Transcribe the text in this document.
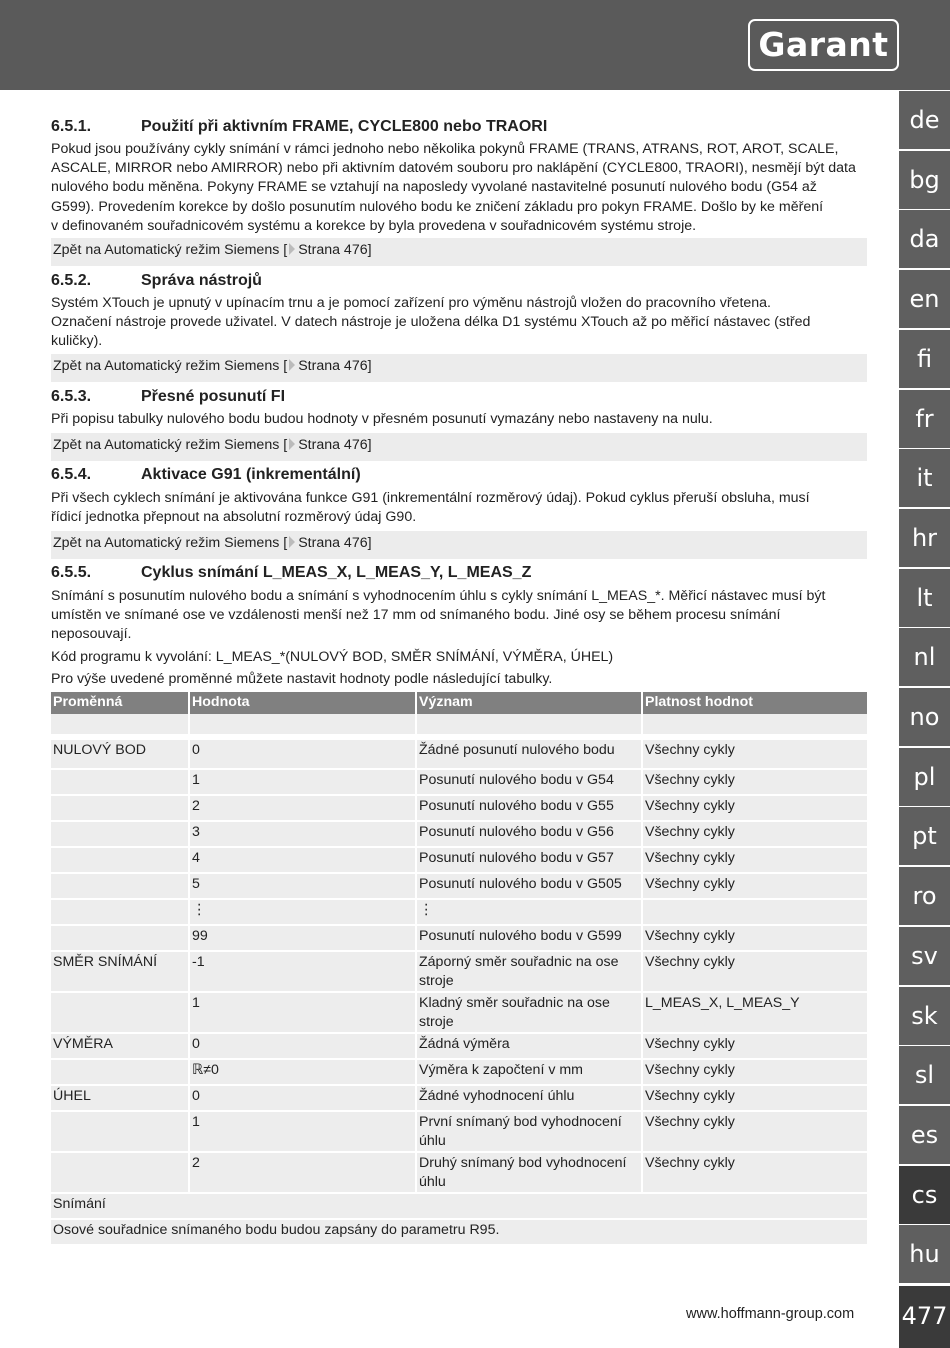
Garant
de
bg
da
en
fi
fr
it
hr
lt
nl
no
pl
pt
ro
sv
sk
sl
es
cs
hu
477
6.5.1.	Použití při aktivním FRAME, CYCLE800 nebo TRAORI
Pokud jsou používány cykly snímání v rámci jednoho nebo několika pokynů FRAME (TRANS, ATRANS, ROT, AROT, SCALE,
ASCALE, MIRROR nebo AMIRROR) nebo při aktivním datovém souboru pro naklápění (CYCLE800, TRAORI), nesmějí být data
nulového bodu měněna. Pokyny FRAME se vztahují na naposledy vyvolané nastavitelné posunutí nulového bodu (G54 až
G599). Provedením korekce by došlo posunutím nulového bodu ke zničení základu pro pokyn FRAME. Došlo by ke měření
v definovaném souřadnicovém systému a korekce by byla provedena v souřadnicovém systému stroje.
Zpět na Automatický režim Siemens [ Strana 476]
6.5.2.	Správa nástrojů
Systém XTouch je upnutý v upínacím trnu a je pomocí zařízení pro výměnu nástrojů vložen do pracovního vřetena.
Označení nástroje provede uživatel. V datech nástroje je uložena délka D1 systému XTouch až po měřicí nástavec (střed
kuličky).
Zpět na Automatický režim Siemens [ Strana 476]
6.5.3.	Přesné posunutí FI
Při popisu tabulky nulového bodu budou hodnoty v přesném posunutí vymazány nebo nastaveny na nulu.
Zpět na Automatický režim Siemens [ Strana 476]
6.5.4.	Aktivace G91 (inkrementální)
Při všech cyklech snímání je aktivována funkce G91 (inkrementální rozměrový údaj). Pokud cyklus přeruší obsluha, musí
řídicí jednotka přepnout na absolutní rozměrový údaj G90.
Zpět na Automatický režim Siemens [ Strana 476]
6.5.5.	Cyklus snímání L_MEAS_X, L_MEAS_Y, L_MEAS_Z
Snímání s posunutím nulového bodu a snímání s vyhodnocením úhlu s cykly snímání L_MEAS_*. Měřicí nástavec musí být
umístěn ve snímané ose ve vzdálenosti menší než 17 mm od snímaného bodu. Jiné osy se během procesu snímání
neposouvají.
Kód programu k vyvolání: L_MEAS_*(NULOVÝ BOD, SMĚR SNÍMÁNÍ, VÝMĚRA, ÚHEL)
Pro výše uvedené proměnné můžete nastavit hodnoty podle následující tabulky.
Proměnná	Hodnota	Význam	Platnost hodnot

NULOVÝ BOD	0	Žádné posunutí nulového bodu	Všechny cykly
	1	Posunutí nulového bodu v G54	Všechny cykly
	2	Posunutí nulového bodu v G55	Všechny cykly
	3	Posunutí nulového bodu v G56	Všechny cykly
	4	Posunutí nulového bodu v G57	Všechny cykly
	5	Posunutí nulového bodu v G505	Všechny cykly
	⋮	⋮	
	99	Posunutí nulového bodu v G599	Všechny cykly
SMĚR SNÍMÁNÍ	-1	Záporný směr souřadnic na ose stroje	Všechny cykly
	1	Kladný směr souřadnic na ose stroje	L_MEAS_X, L_MEAS_Y
VÝMĚRA	0	Žádná výměra	Všechny cykly
	ℝ≠0	Výměra k započtení v mm	Všechny cykly
ÚHEL	0	Žádné vyhodnocení úhlu	Všechny cykly
	1	První snímaný bod vyhodnocení úhlu	Všechny cykly
	2	Druhý snímaný bod vyhodnocení úhlu	Všechny cykly
Snímání			
Osové souřadnice snímaného bodu budou zapsány do parametru R95.			
www.hoffmann-group.com
